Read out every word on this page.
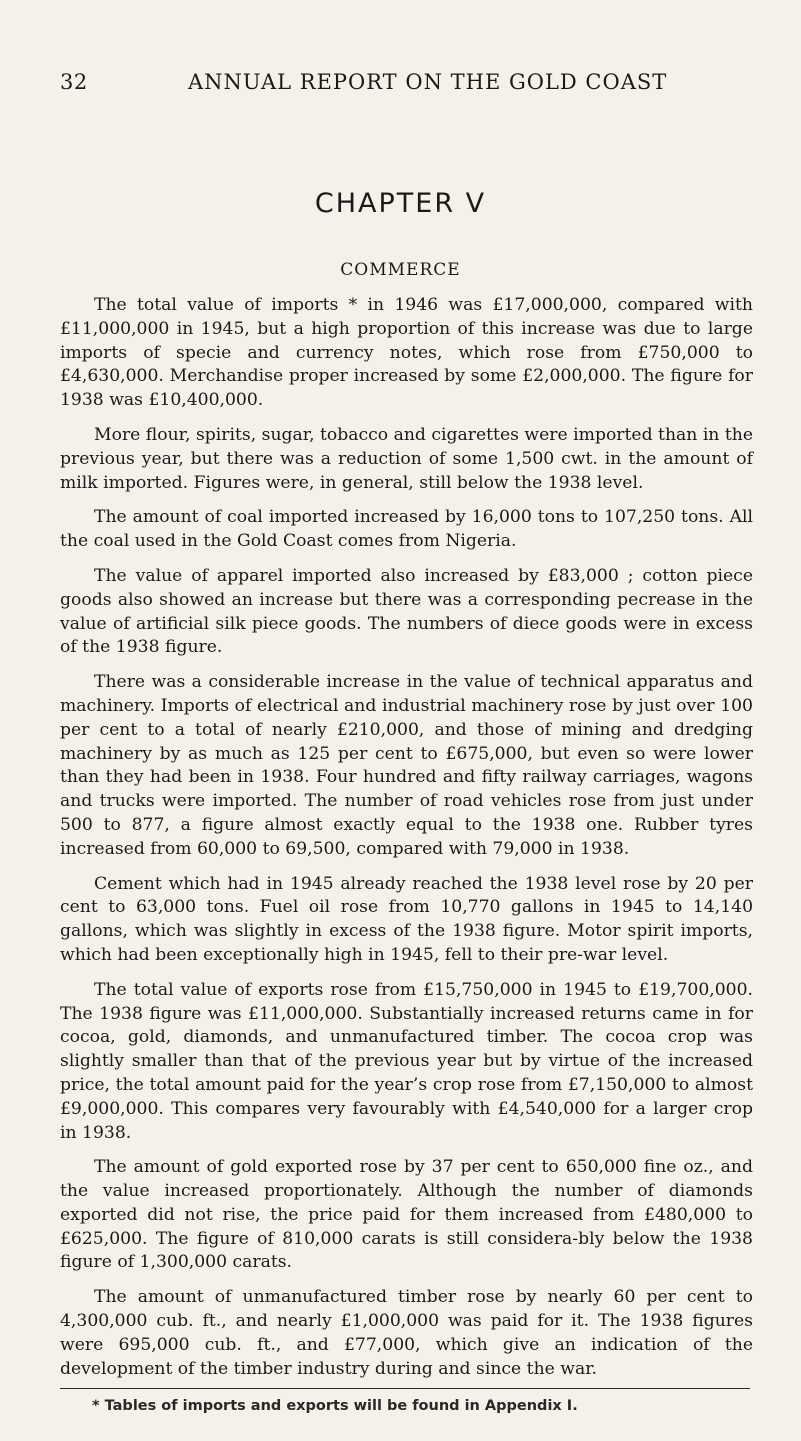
32	ANNUAL REPORT ON THE GOLD COAST
CHAPTER V
COMMERCE

The total value of imports * in 1946 was £17,000,000, compared with £11,000,000 in 1945, but a high proportion of this increase was due to large imports of specie and currency notes, which rose from £750,000 to £4,630,000. Merchandise proper increased by some £2,000,000. The figure for 1938 was £10,400,000.

More flour, spirits, sugar, tobacco and cigarettes were imported than in the previous year, but there was a reduction of some 1,500 cwt. in the amount of milk imported. Figures were, in general, still below the 1938 level.

The amount of coal imported increased by 16,000 tons to 107,250 tons. All the coal used in the Gold Coast comes from Nigeria.

The value of apparel imported also increased by £83,000 ; cotton piece goods also showed an increase but there was a corresponding pecrease in the value of artificial silk piece goods. The numbers of diece goods were in excess of the 1938 figure.

There was a considerable increase in the value of technical apparatus and machinery. Imports of electrical and industrial machinery rose by just over 100 per cent to a total of nearly £210,000, and those of mining and dredging machinery by as much as 125 per cent to £675,000, but even so were lower than they had been in 1938. Four hundred and fifty railway carriages, wagons and trucks were imported. The number of road vehicles rose from just under 500 to 877, a figure almost exactly equal to the 1938 one. Rubber tyres increased from 60,000 to 69,500, compared with 79,000 in 1938.

Cement which had in 1945 already reached the 1938 level rose by 20 per cent to 63,000 tons. Fuel oil rose from 10,770 gallons in 1945 to 14,140 gallons, which was slightly in excess of the 1938 figure. Motor spirit imports, which had been exceptionally high in 1945, fell to their pre-war level.

The total value of exports rose from £15,750,000 in 1945 to £19,700,000. The 1938 figure was £11,000,000. Substantially increased returns came in for cocoa, gold, diamonds, and unmanufactured timber. The cocoa crop was slightly smaller than that of the previous year but by virtue of the increased price, the total amount paid for the year’s crop rose from £7,150,000 to almost £9,000,000. This compares very favourably with £4,540,000 for a larger crop in 1938.

The amount of gold exported rose by 37 per cent to 650,000 fine oz., and the value increased proportionately. Although the number of diamonds exported did not rise, the price paid for them increased from £480,000 to £625,000. The figure of 810,000 carats is still considera-bly below the 1938 figure of 1,300,000 carats.

The amount of unmanufactured timber rose by nearly 60 per cent to 4,300,000 cub. ft., and nearly £1,000,000 was paid for it. The 1938 figures were 695,000 cub. ft., and £77,000, which give an indication of the development of the timber industry during and since the war.

* Tables of imports and exports will be found in Appendix I.
